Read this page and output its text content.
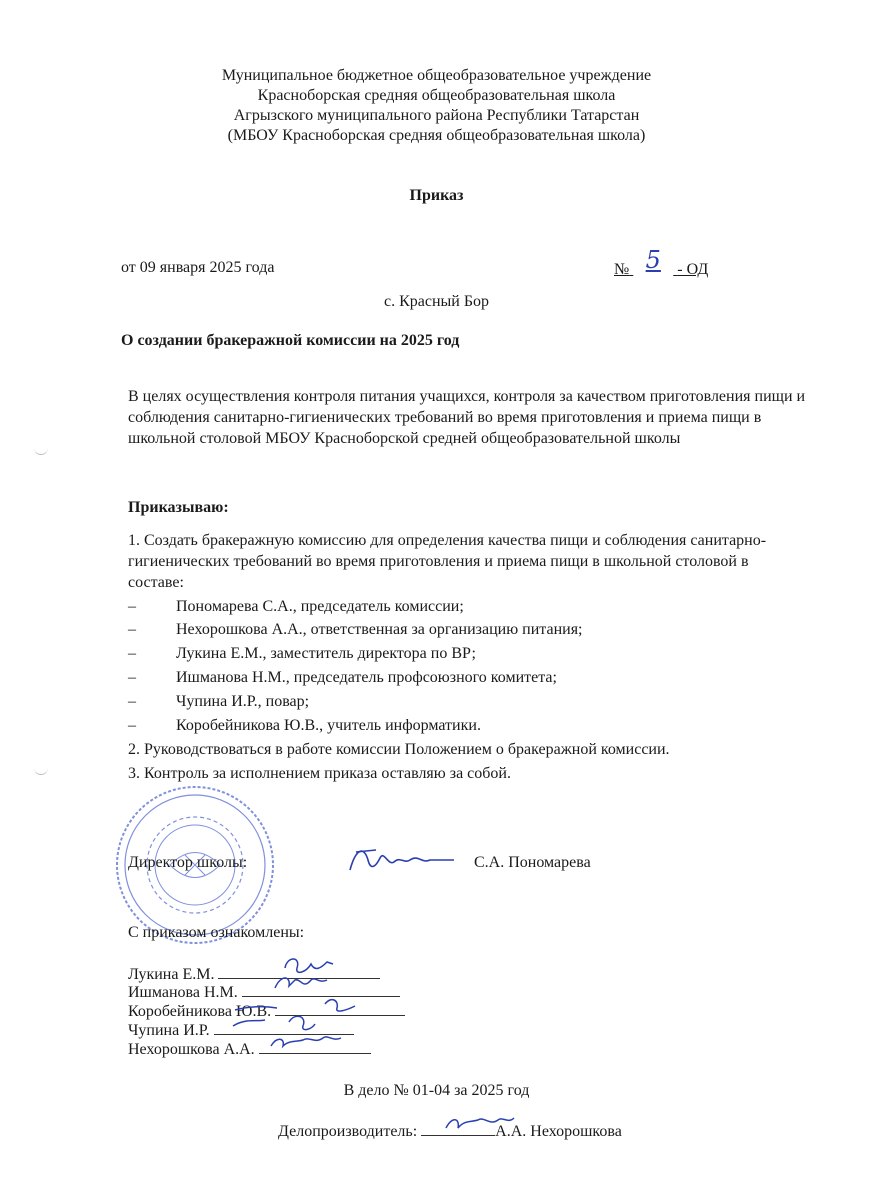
Муниципальное бюджетное общеобразовательное учреждение
Красноборская средняя общеобразовательная школа
Агрызского муниципального района Республики Татарстан
(МБОУ Красноборская средняя общеобразовательная школа)
Приказ
от 09 января 2025 года	№ 5 - ОД
с. Красный Бор
О создании бракеражной комиссии на 2025 год
В целях осуществления контроля питания учащихся, контроля за качеством приготовления пищи и соблюдения санитарно-гигиенических требований во время приготовления и приема пищи в школьной столовой МБОУ Красноборской средней общеобразовательной школы
Приказываю:
1. Создать бракеражную комиссию для определения качества пищи и соблюдения санитарно-гигиенических требований во время приготовления и приема пищи в школьной столовой в составе:
–	Пономарева С.А., председатель комиссии;
–	Нехорошкова А.А., ответственная за организацию питания;
–	Лукина Е.М., заместитель директора по ВР;
–	Ишманова Н.М., председатель профсоюзного комитета;
–	Чупина И.Р., повар;
–	Коробейникова Ю.В., учитель информатики.
2. Руководствоваться в работе комиссии Положением о бракеражной комиссии.
3. Контроль за исполнением приказа оставляю за собой.
Директор школы:	С.А. Пономарева
С приказом ознакомлены:
Лукина Е.М.
Ишманова Н.М.
Коробейникова Ю.В.
Чупина И.Р.
Нехорошкова А.А.
В дело № 01-04 за 2025 год
Делопроизводитель:	А.А. Нехорошкова
